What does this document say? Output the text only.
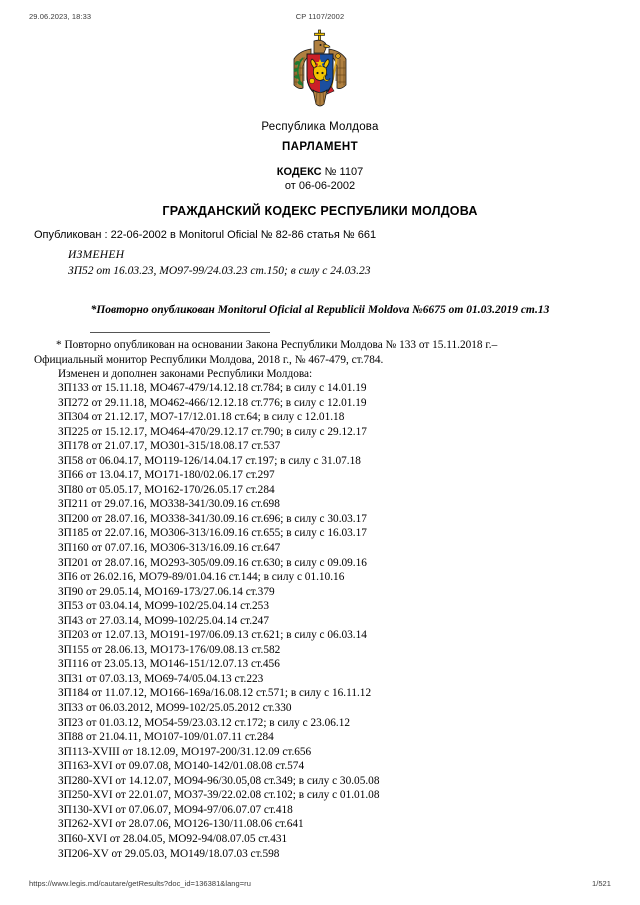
29.06.2023, 18:33	CP 1107/2002
Республика Молдова
ПАРЛАМЕНТ
КОДЕКС № 1107
от 06-06-2002
ГРАЖДАНСКИЙ КОДЕКС РЕСПУБЛИКИ МОЛДОВА
Опубликован : 22-06-2002 в Monitorul Oficial № 82-86 статья № 661
ИЗМЕНЕН
ЗП52 от 16.03.23, МО97-99/24.03.23 ст.150; в силу с 24.03.23
*Повторно опубликован Monitorul Oficial al Republicii Moldova №6675 от 01.03.2019 ст.13
* Повторно опубликован на основании Закона Республики Молдова № 133 от 15.11.2018 г.–
Официальный монитор Республики Молдова, 2018 г., № 467-479, ст.784.
Изменен и дополнен законами Республики Молдова:
ЗП133 от 15.11.18, МО467-479/14.12.18 ст.784; в силу с 14.01.19
ЗП272 от 29.11.18, МО462-466/12.12.18 ст.776; в силу с 12.01.19
ЗП304 от 21.12.17, МО7-17/12.01.18 ст.64; в силу с 12.01.18
ЗП225 от 15.12.17, МО464-470/29.12.17 ст.790; в силу с 29.12.17
ЗП178 от 21.07.17, МО301-315/18.08.17 ст.537
ЗП58 от 06.04.17, МО119-126/14.04.17 ст.197; в силу с 31.07.18
ЗП66 от 13.04.17, МО171-180/02.06.17 ст.297
ЗП80 от 05.05.17, МО162-170/26.05.17 ст.284
ЗП211 от 29.07.16, МО338-341/30.09.16 ст.698
ЗП200 от 28.07.16, МО338-341/30.09.16 ст.696; в силу с 30.03.17
ЗП185 от 22.07.16, МО306-313/16.09.16 ст.655; в силу с 16.03.17
ЗП160 от 07.07.16, МО306-313/16.09.16 ст.647
ЗП201 от 28.07.16, МО293-305/09.09.16 ст.630; в силу с 09.09.16
ЗП6 от 26.02.16, МО79-89/01.04.16 ст.144; в силу с 01.10.16
ЗП90 от 29.05.14, МО169-173/27.06.14 ст.379
ЗП53 от 03.04.14, МО99-102/25.04.14 ст.253
ЗП43 от 27.03.14, МО99-102/25.04.14 ст.247
ЗП203 от 12.07.13, МО191-197/06.09.13 ст.621; в силу с 06.03.14
ЗП155 от 28.06.13, МО173-176/09.08.13 ст.582
ЗП116 от 23.05.13, МО146-151/12.07.13 ст.456
ЗП31 от 07.03.13, МО69-74/05.04.13 ст.223
ЗП184 от 11.07.12, МО166-169a/16.08.12 ст.571; в силу с 16.11.12
ЗП33 от 06.03.2012, МО99-102/25.05.2012 ст.330
ЗП23 от 01.03.12, МО54-59/23.03.12 ст.172; в силу с 23.06.12
ЗП88 от 21.04.11, МО107-109/01.07.11 ст.284
ЗП113-XVIII от 18.12.09, МО197-200/31.12.09 ст.656
ЗП163-XVI от 09.07.08, МО140-142/01.08.08 ст.574
ЗП280-XVI от 14.12.07, МО94-96/30.05,08 ст.349; в силу с 30.05.08
ЗП250-XVI от 22.01.07, МО37-39/22.02.08 ст.102; в силу с 01.01.08
ЗП130-XVI от 07.06.07, МО94-97/06.07.07 ст.418
ЗП262-XVI от 28.07.06, МО126-130/11.08.06 ст.641
ЗП60-XVI от 28.04.05, МО92-94/08.07.05 ст.431
ЗП206-XV от 29.05.03, МО149/18.07.03 ст.598
https://www.legis.md/cautare/getResults?doc_id=136381&lang=ru	1/521
